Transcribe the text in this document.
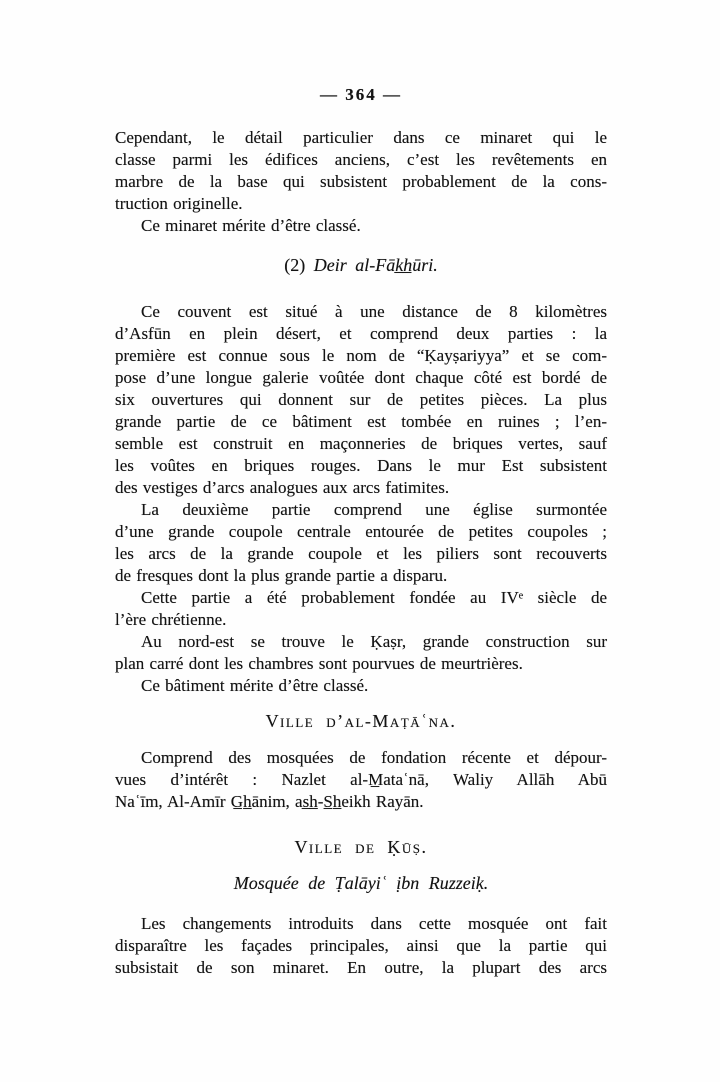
— 364 —
Cependant, le détail particulier dans ce minaret qui le
classe parmi les édifices anciens, c’est les revêtements en
marbre de la base qui subsistent probablement de la cons-
truction originelle.
Ce minaret mérite d’être classé.
(2) Deir al-Fāk̲h̲ūri.
Ce couvent est situé à une distance de 8 kilomètres
d’Asfūn en plein désert, et comprend deux parties : la
première est connue sous le nom de “Ḳayṣariyya” et se com-
pose d’une longue galerie voûtée dont chaque côté est bordé de
six ouvertures qui donnent sur de petites pièces. La plus
grande partie de ce bâtiment est tombée en ruines ; l’en-
semble est construit en maçonneries de briques vertes, sauf
les voûtes en briques rouges. Dans le mur Est subsistent
des vestiges d’arcs analogues aux arcs fatimites.
La deuxième partie comprend une église surmontée
d’une grande coupole centrale entourée de petites coupoles ;
les arcs de la grande coupole et les piliers sont recouverts
de fresques dont la plus grande partie a disparu.
Cette partie a été probablement fondée au IVᵉ siècle de
l’ère chrétienne.
Au nord-est se trouve le Ḳaṣr, grande construction sur
plan carré dont les chambres sont pourvues de meurtrières.
Ce bâtiment mérite d’être classé.
Ville d’al-Maṭāʿna.
Comprend des mosquées de fondation récente et dépour-
vues d’intérêt : Nazlet al-M̲ataʿnā, Waliy Allāh Abū
Naʿīm, Al-Amīr G̲h̲ānim, as̲h̲-S̲h̲eikh Rayān.
Ville de Ḳūṣ.
Mosquée de Ṭalāyiʿ ịbn Ruzzeiḳ.
Les changements introduits dans cette mosquée ont fait
disparaître les façades principales, ainsi que la partie qui
subsistait de son minaret. En outre, la plupart des arcs
